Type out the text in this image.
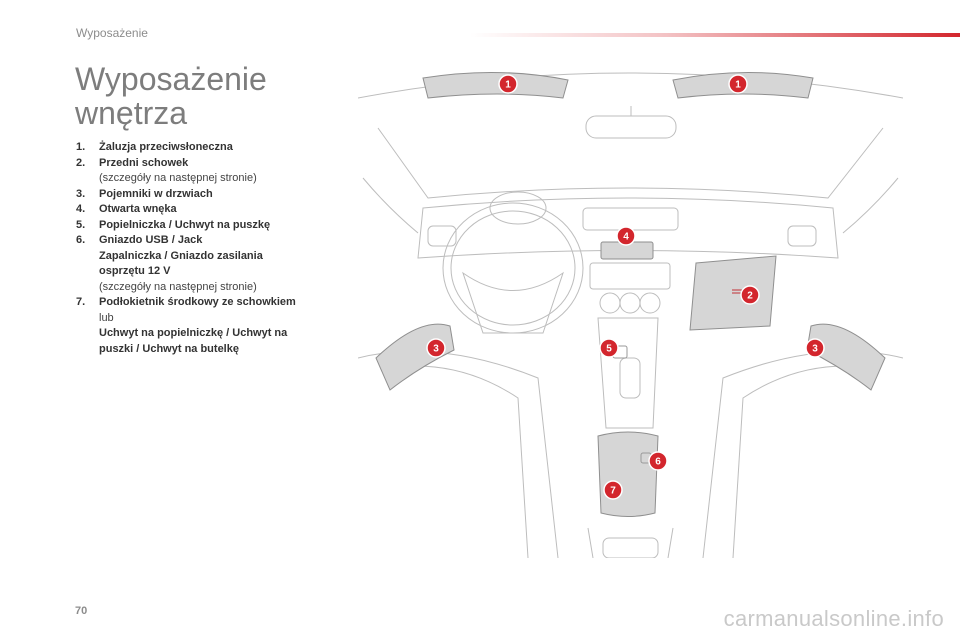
Wyposażenie
Wyposażenie
wnętrza
1.	Żaluzja przeciwsłoneczna
2.	Przedni schowek
(szczegóły na następnej stronie)
3.	Pojemniki w drzwiach
4.	Otwarta wnęka
5.	Popielniczka / Uchwyt na puszkę
6.	Gniazdo USB / Jack
Zapalniczka / Gniazdo zasilania
osprzętu 12 V
(szczegóły na następnej stronie)
7.	Podłokietnik środkowy ze schowkiem
lub
Uchwyt na popielniczkę / Uchwyt na
puszki / Uchwyt na butelkę
1	1
4
2
3	3
5
6
7
70	carmanualsonline.info
